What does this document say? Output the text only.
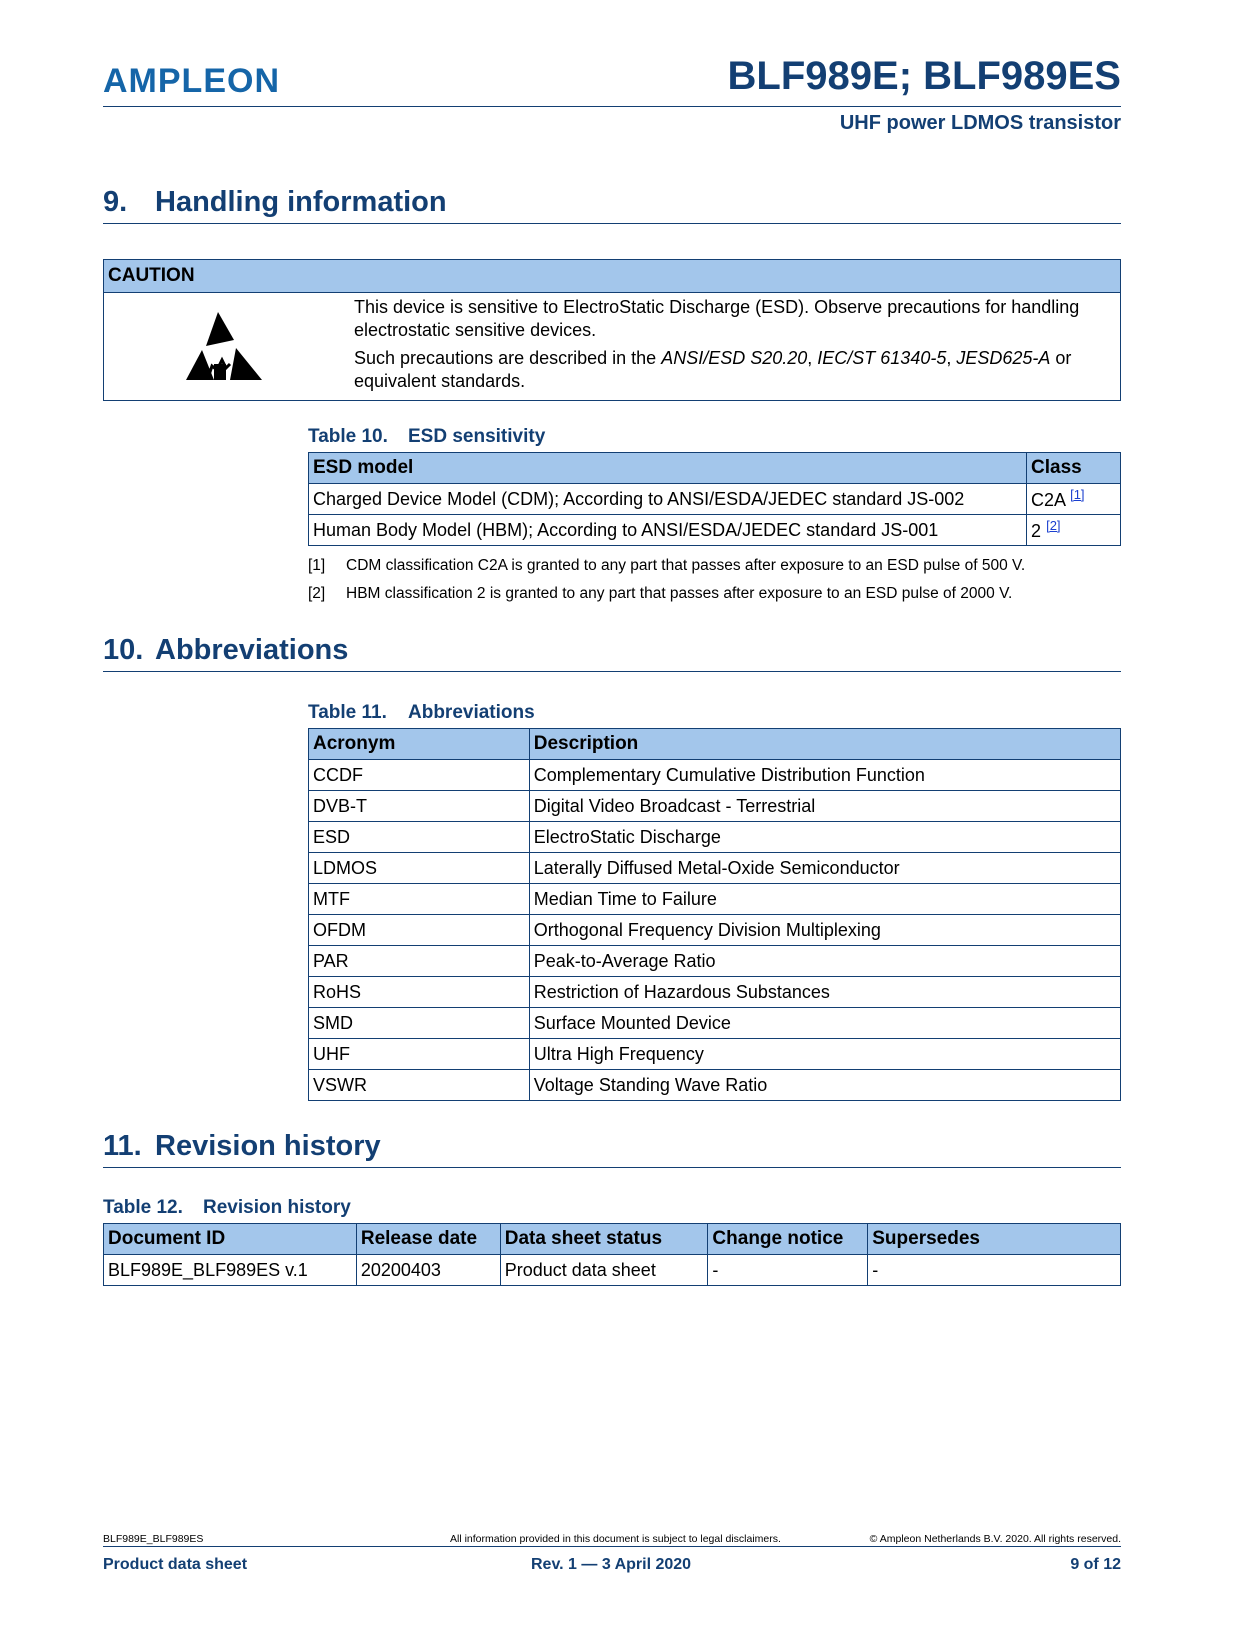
AMPLEON	BLF989E; BLF989ES
UHF power LDMOS transistor
9. Handling information
CAUTION

This device is sensitive to ElectroStatic Discharge (ESD). Observe precautions for handling electrostatic sensitive devices.

Such precautions are described in the ANSI/ESD S20.20, IEC/ST 61340-5, JESD625-A or equivalent standards.

Table 10. ESD sensitivity
ESD model	Class
Charged Device Model (CDM); According to ANSI/ESDA/JEDEC standard JS-002	C2A [1]
Human Body Model (HBM); According to ANSI/ESDA/JEDEC standard JS-001	2 [2]
[1] CDM classification C2A is granted to any part that passes after exposure to an ESD pulse of 500 V.
[2] HBM classification 2 is granted to any part that passes after exposure to an ESD pulse of 2000 V.
10. Abbreviations
Table 11. Abbreviations
Acronym	Description
CCDF	Complementary Cumulative Distribution Function
DVB-T	Digital Video Broadcast - Terrestrial
ESD	ElectroStatic Discharge
LDMOS	Laterally Diffused Metal-Oxide Semiconductor
MTF	Median Time to Failure
OFDM	Orthogonal Frequency Division Multiplexing
PAR	Peak-to-Average Ratio
RoHS	Restriction of Hazardous Substances
SMD	Surface Mounted Device
UHF	Ultra High Frequency
VSWR	Voltage Standing Wave Ratio
11. Revision history
Table 12. Revision history
Document ID	Release date	Data sheet status	Change notice	Supersedes
BLF989E_BLF989ES v.1	20200403	Product data sheet	-	-
BLF989E_BLF989ES	All information provided in this document is subject to legal disclaimers.	© Ampleon Netherlands B.V. 2020. All rights reserved.
Product data sheet	Rev. 1 — 3 April 2020	9 of 12
